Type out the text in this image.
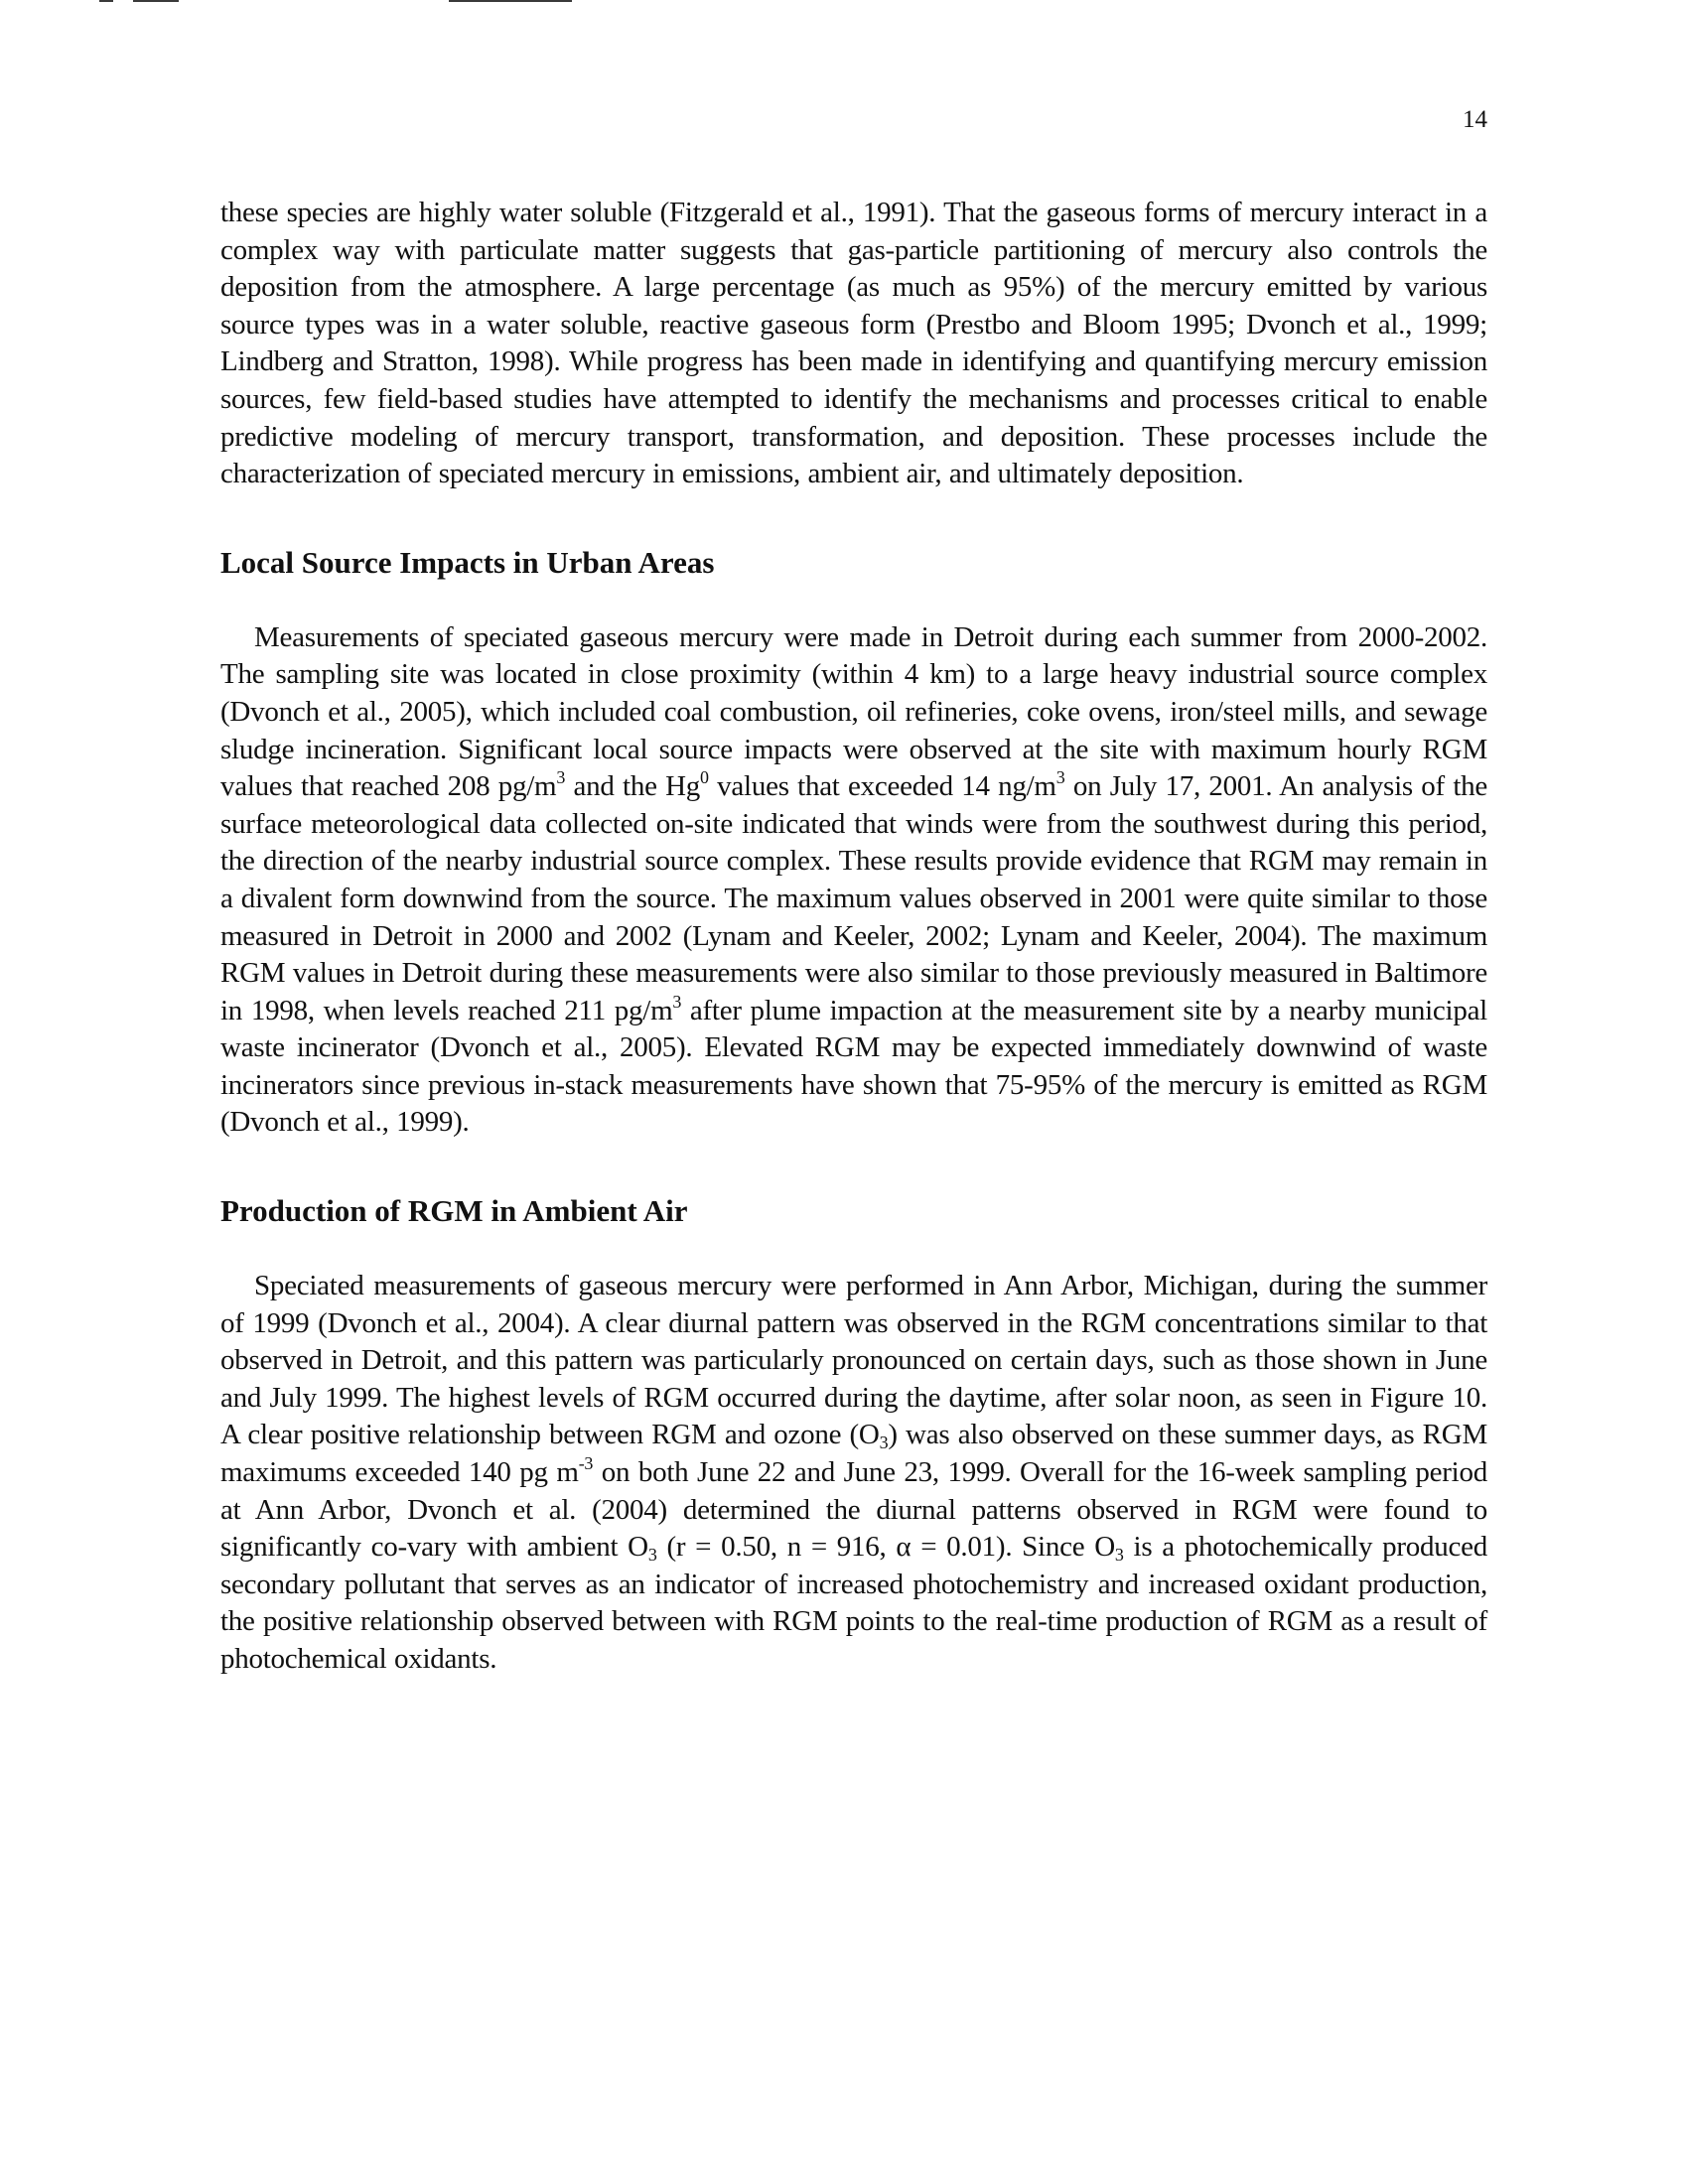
14

these species are highly water soluble (Fitzgerald et al., 1991). That the gaseous forms of mercury interact in a complex way with particulate matter suggests that gas-particle partitioning of mercury also controls the deposition from the atmosphere. A large percentage (as much as 95%) of the mercury emitted by various source types was in a water soluble, reactive gaseous form (Prestbo and Bloom 1995; Dvonch et al., 1999; Lindberg and Stratton, 1998). While progress has been made in identifying and quantifying mercury emission sources, few field-based studies have attempted to identify the mechanisms and processes critical to enable predictive modeling of mercury transport, transformation, and deposition. These processes include the characterization of speciated mercury in emissions, ambient air, and ultimately deposition.

Local Source Impacts in Urban Areas

Measurements of speciated gaseous mercury were made in Detroit during each summer from 2000-2002. The sampling site was located in close proximity (within 4 km) to a large heavy industrial source complex (Dvonch et al., 2005), which included coal combustion, oil refineries, coke ovens, iron/steel mills, and sewage sludge incineration. Significant local source impacts were observed at the site with maximum hourly RGM values that reached 208 $pg/m^3$ and the Hg$^0$ values that exceeded 14 $ng/m^3$ on July 17, 2001. An analysis of the surface meteorological data collected on-site indicated that winds were from the southwest during this period, the direction of the nearby industrial source complex. These results provide evidence that RGM may remain in a divalent form downwind from the source. The maximum values observed in 2001 were quite similar to those measured in Detroit in 2000 and 2002 (Lynam and Keeler, 2002; Lynam and Keeler, 2004). The maximum RGM values in Detroit during these measurements were also similar to those previously measured in Baltimore in 1998, when levels reached 211 $pg/m^3$ after plume impaction at the measurement site by a nearby municipal waste incinerator (Dvonch et al., 2005). Elevated RGM may be expected immediately downwind of waste incinerators since previous in-stack measurements have shown that 75-95% of the mercury is emitted as RGM (Dvonch et al., 1999).

Production of RGM in Ambient Air

Speciated measurements of gaseous mercury were performed in Ann Arbor, Michigan, during the summer of 1999 (Dvonch et al., 2004). A clear diurnal pattern was observed in the RGM concentrations similar to that observed in Detroit, and this pattern was particularly pronounced on certain days, such as those shown in June and July 1999. The highest levels of RGM occurred during the daytime, after solar noon, as seen in Figure 10. A clear positive relationship between RGM and ozone $(O_3)$ was also observed on these summer days, as RGM maximums exceeded 140 pg $m^{-3}$ on both June 22 and June 23, 1999. Overall for the 16-week sampling period at Ann Arbor, Dvonch et al. (2004) determined the diurnal patterns observed in RGM were found to significantly co-vary with ambient $O_3$ (r = 0.50, n = 916, α = 0.01). Since $O_3$ is a photochemically produced secondary pollutant that serves as an indicator of increased photochemistry and increased oxidant production, the positive relationship observed between with RGM points to the real-time production of RGM as a result of photochemical oxidants.
